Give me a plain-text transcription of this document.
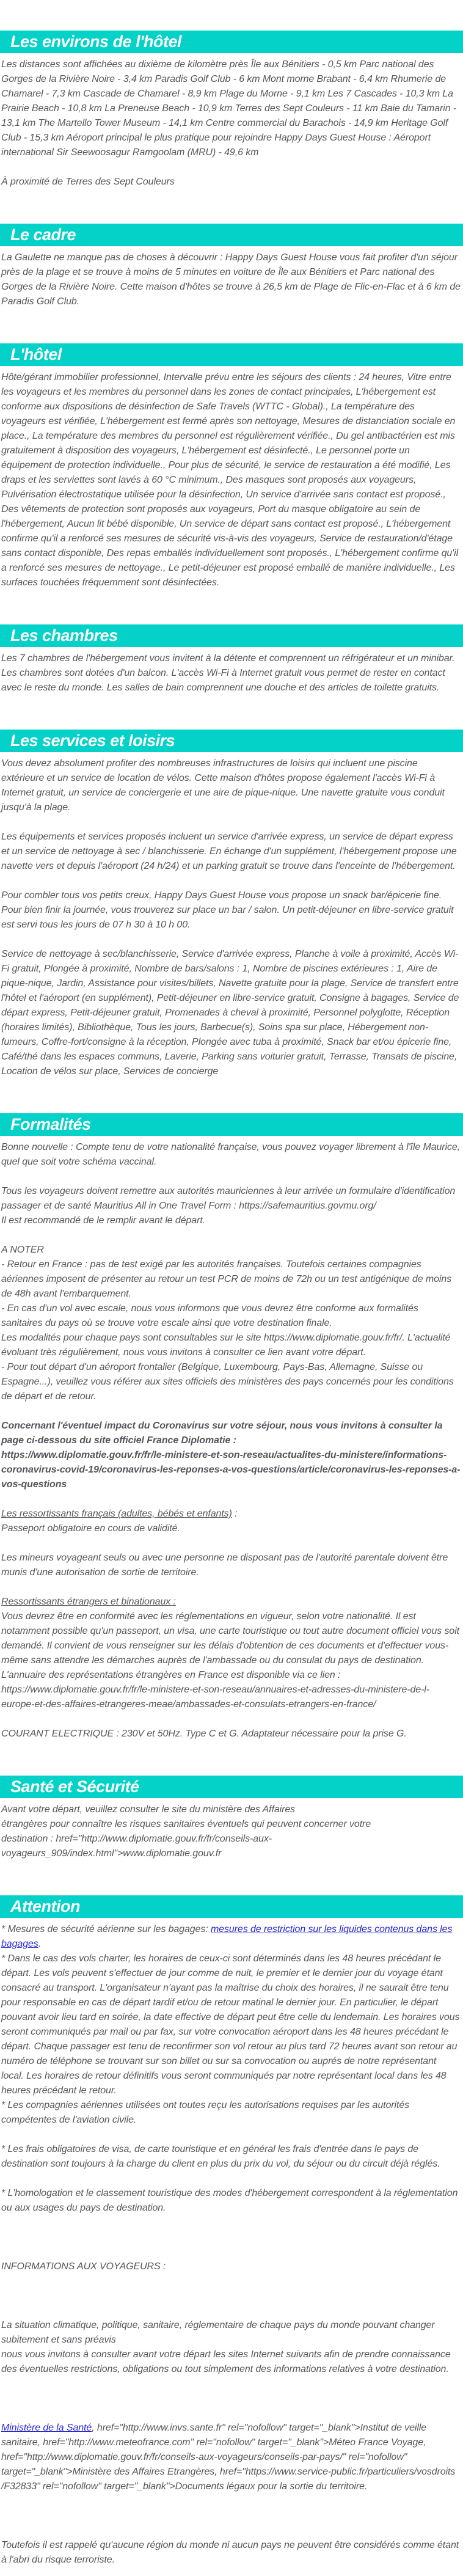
Les environs de l'hôtel

Les distances sont affichées au dixième de kilomètre près Île aux Bénitiers - 0,5 km Parc national des Gorges de la Rivière Noire - 3,4 km Paradis Golf Club - 6 km Mont morne Brabant - 6,4 km Rhumerie de Chamarel - 7,3 km Cascade de Chamarel - 8,9 km Plage du Morne - 9,1 km Les 7 Cascades - 10,3 km La Prairie Beach - 10,8 km La Preneuse Beach - 10,9 km Terres des Sept Couleurs - 11 km Baie du Tamarin - 13,1 km The Martello Tower Museum - 14,1 km Centre commercial du Barachois - 14,9 km Heritage Golf Club - 15,3 km Aéroport principal le plus pratique pour rejoindre Happy Days Guest House : Aéroport international Sir Seewoosagur Ramgoolam (MRU) - 49,6 km

À proximité de Terres des Sept Couleurs

Le cadre

La Gaulette ne manque pas de choses à découvrir : Happy Days Guest House vous fait profiter d'un séjour près de la plage et se trouve à moins de 5 minutes en voiture de Île aux Bénitiers et Parc national des Gorges de la Rivière Noire. Cette maison d'hôtes se trouve à 26,5 km de Plage de Flic-en-Flac et à 6 km de Paradis Golf Club.

L'hôtel

Hôte/gérant immobilier professionnel, Intervalle prévu entre les séjours des clients : 24 heures, Vitre entre les voyageurs et les membres du personnel dans les zones de contact principales, L'hébergement est conforme aux dispositions de désinfection de Safe Travels (WTTC - Global)., La température des voyageurs est vérifiée, L'hébergement est fermé après son nettoyage, Mesures de distanciation sociale en place., La température des membres du personnel est régulièrement vérifiée., Du gel antibactérien est mis gratuitement à disposition des voyageurs, L'hébergement est désinfecté., Le personnel porte un équipement de protection individuelle., Pour plus de sécurité, le service de restauration a été modifié, Les draps et les serviettes sont lavés à 60 °C minimum., Des masques sont proposés aux voyageurs, Pulvérisation électrostatique utilisée pour la désinfection, Un service d'arrivée sans contact est proposé., Des vêtements de protection sont proposés aux voyageurs, Port du masque obligatoire au sein de l'hébergement, Aucun lit bébé disponible, Un service de départ sans contact est proposé., L'hébergement confirme qu'il a renforcé ses mesures de sécurité vis-à-vis des voyageurs, Service de restauration/d'étage sans contact disponible, Des repas emballés individuellement sont proposés., L'hébergement confirme qu'il a renforcé ses mesures de nettoyage., Le petit-déjeuner est proposé emballé de manière individuelle., Les surfaces touchées fréquemment sont désinfectées.

Les chambres

Les 7 chambres de l'hébergement vous invitent à la détente et comprennent un réfrigérateur et un minibar. Les chambres sont dotées d'un balcon. L'accès Wi-Fi à Internet gratuit vous permet de rester en contact avec le reste du monde. Les salles de bain comprennent une douche et des articles de toilette gratuits.

Les services et loisirs

Vous devez absolument profiter des nombreuses infrastructures de loisirs qui incluent une piscine extérieure et un service de location de vélos. Cette maison d'hôtes propose également l'accès Wi-Fi à Internet gratuit, un service de conciergerie et une aire de pique-nique. Une navette gratuite vous conduit jusqu'à la plage.

Les équipements et services proposés incluent un service d'arrivée express, un service de départ express et un service de nettoyage à sec / blanchisserie. En échange d'un supplément, l'hébergement propose une navette vers et depuis l'aéroport (24 h/24) et un parking gratuit se trouve dans l'enceinte de l'hébergement.

Pour combler tous vos petits creux, Happy Days Guest House vous propose un snack bar/épicerie fine. Pour bien finir la journée, vous trouverez sur place un bar / salon. Un petit-déjeuner en libre-service gratuit est servi tous les jours de 07 h 30 à 10 h 00.

Service de nettoyage à sec/blanchisserie, Service d'arrivée express, Planche à voile à proximité, Accès Wi-Fi gratuit, Plongée à proximité, Nombre de bars/salons : 1, Nombre de piscines extérieures : 1, Aire de pique-nique, Jardin, Assistance pour visites/billets, Navette gratuite pour la plage, Service de transfert entre l'hôtel et l'aéroport (en supplément), Petit-déjeuner en libre-service gratuit, Consigne à bagages, Service de départ express, Petit-déjeuner gratuit, Promenades à cheval à proximité, Personnel polyglotte, Réception (horaires limités), Bibliothèque, Tous les jours, Barbecue(s), Soins spa sur place, Hébergement non-fumeurs, Coffre-fort/consigne à la réception, Plongée avec tuba à proximité, Snack bar et/ou épicerie fine, Café/thé dans les espaces communs, Laverie, Parking sans voiturier gratuit, Terrasse, Transats de piscine, Location de vélos sur place, Services de concierge

Formalités

Bonne nouvelle : Compte tenu de votre nationalité française, vous pouvez voyager librement à l'île Maurice, quel que soit votre schéma vaccinal.

Tous les voyageurs doivent remettre aux autorités mauriciennes à leur arrivée un formulaire d'identification passager et de santé Mauritius All in One Travel Form : https://safemauritius.govmu.org/
Il est recommandé de le remplir avant le départ.

A NOTER
- Retour en France : pas de test exigé par les autorités françaises. Toutefois certaines compagnies aériennes imposent de présenter au retour un test PCR de moins de 72h ou un test antigénique de moins de 48h avant l'embarquement.
- En cas d'un vol avec escale, nous vous informons que vous devrez être conforme aux formalités sanitaires du pays où se trouve votre escale ainsi que votre destination finale.
Les modalités pour chaque pays sont consultables sur le site https://www.diplomatie.gouv.fr/fr/. L'actualité évoluant très régulièrement, nous vous invitons à consulter ce lien avant votre départ.
- Pour tout départ d'un aéroport frontalier (Belgique, Luxembourg, Pays-Bas, Allemagne, Suisse ou Espagne...), veuillez vous référer aux sites officiels des ministères des pays concernés pour les conditions de départ et de retour.

Concernant l'éventuel impact du Coronavirus sur votre séjour, nous vous invitons à consulter la page ci-dessous du site officiel France Diplomatie :
https://www.diplomatie.gouv.fr/fr/le-ministere-et-son-reseau/actualites-du-ministere/informations-coronavirus-covid-19/coronavirus-les-reponses-a-vos-questions/article/coronavirus-les-reponses-a-vos-questions

Les ressortissants français (adultes, bébés et enfants) :
Passeport obligatoire en cours de validité.

Les mineurs voyageant seuls ou avec une personne ne disposant pas de l'autorité parentale doivent être munis d'une autorisation de sortie de territoire.

Ressortissants étrangers et binationaux :
Vous devrez être en conformité avec les réglementations en vigueur, selon votre nationalité. Il est notamment possible qu'un passeport, un visa, une carte touristique ou tout autre document officiel vous soit demandé. Il convient de vous renseigner sur les délais d'obtention de ces documents et d'effectuer vous-même sans attendre les démarches auprès de l'ambassade ou du consulat du pays de destination.
L'annuaire des représentations étrangères en France est disponible via ce lien :
https://www.diplomatie.gouv.fr/fr/le-ministere-et-son-reseau/annuaires-et-adresses-du-ministere-de-l-europe-et-des-affaires-etrangeres-meae/ambassades-et-consulats-etrangers-en-france/

COURANT ELECTRIQUE : 230V et 50Hz. Type C et G. Adaptateur nécessaire pour la prise G.

Santé et Sécurité

Avant votre départ, veuillez consulter le site du ministère des Affaires
étrangères pour connaître les risques sanitaires éventuels qui peuvent concerner votre
destination : href="http://www.diplomatie.gouv.fr/fr/conseils-aux-voyageurs_909/index.html">www.diplomatie.gouv.fr

Attention

* Mesures de sécurité aérienne sur les bagages: mesures de restriction sur les liquides contenus dans les bagages.

* Dans le cas des vols charter, les horaires de ceux-ci sont déterminés dans les 48 heures précédant le départ. Les vols peuvent s'effectuer de jour comme de nuit, le premier et le dernier jour du voyage étant consacré au transport. L'organisateur n'ayant pas la maîtrise du choix des horaires, il ne saurait être tenu pour responsable en cas de départ tardif et/ou de retour matinal le dernier jour. En particulier, le départ pouvant avoir lieu tard en soirée, la date effective de départ peut être celle du lendemain. Les horaires vous seront communiqués par mail ou par fax, sur votre convocation aéroport dans les 48 heures précédant le départ. Chaque passager est tenu de reconfirmer son vol retour au plus tard 72 heures avant son retour au numéro de téléphone se trouvant sur son billet ou sur sa convocation ou auprés de notre représentant local. Les horaires de retour définitifs vous seront communiqués par notre représentant local dans les 48 heures précédant le retour.
* Les compagnies aériennes utilisées ont toutes reçu les autorisations requises par les autorités compétentes de l'aviation civile.

* Les frais obligatoires de visa, de carte touristique et en général les frais d'entrée dans le pays de destination sont toujours à la charge du client en plus du prix du vol, du séjour ou du circuit déjà réglés.

* L'homologation et le classement touristique des modes d'hébergement correspondent à la réglementation ou aux usages du pays de destination.

INFORMATIONS AUX VOYAGEURS :

La situation climatique, politique, sanitaire, réglementaire de chaque pays du monde pouvant changer subitement et sans préavis
nous vous invitons à consulter avant votre départ les sites Internet suivants afin de prendre connaissance des éventuelles restrictions, obligations ou tout simplement des informations relatives à votre destination.

Ministère de la Santé, href="http://www.invs.sante.fr" rel="nofollow" target="_blank">Institut de veille sanitaire, href="http://www.meteofrance.com" rel="nofollow" target="_blank">Méteo France Voyage, href="http://www.diplomatie.gouv.fr/fr/conseils-aux-voyageurs/conseils-par-pays/" rel="nofollow" target="_blank">Ministère des Affaires Etrangères, href="https://www.service-public.fr/particuliers/vosdroits /F32833" rel="nofollow" target="_blank">Documents légaux pour la sortie du territoire.

Toutefois il est rappelé qu'aucune région du monde ni aucun pays ne peuvent être considérés comme étant à l'abri du risque terroriste.
